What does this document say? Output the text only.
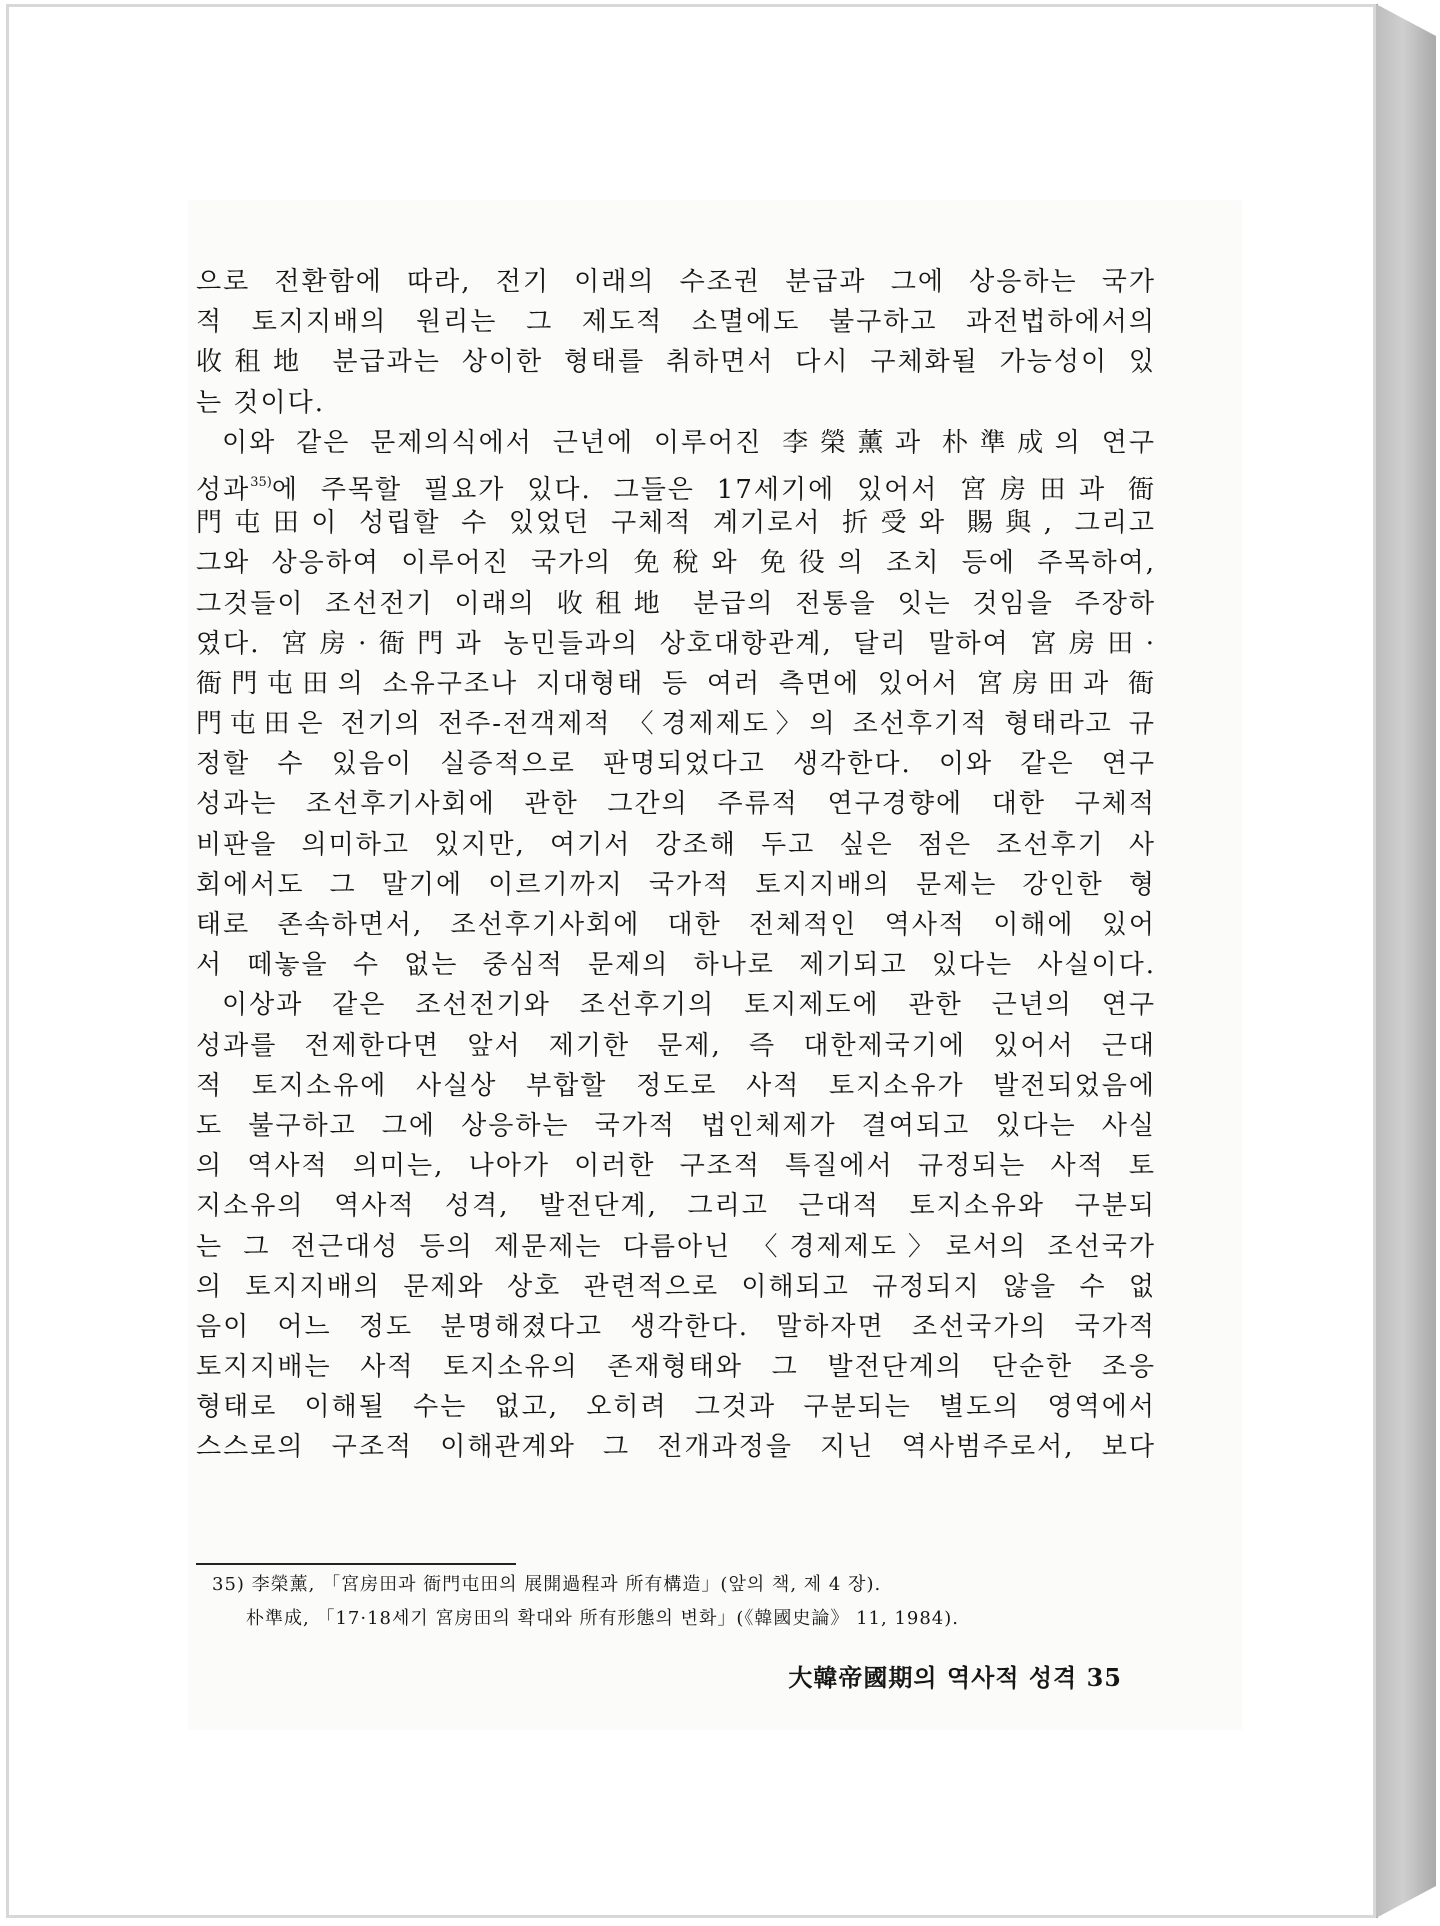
으로 전환함에 따라, 전기 이래의 수조권 분급과 그에 상응하는 국가
적 토지지배의 원리는 그 제도적 소멸에도 불구하고 과전법하에서의
收租地 분급과는 상이한 형태를 취하면서 다시 구체화될 가능성이 있
는 것이다.
이와 같은 문제의식에서 근년에 이루어진 李榮薰과 朴準成의 연구
성과$^{35)}$에 주목할 필요가 있다. 그들은 17세기에 있어서 宮房田과 衙
門屯田이 성립할 수 있었던 구체적 계기로서 折受와 賜與, 그리고
그와 상응하여 이루어진 국가의 免稅와 免役의 조치 등에 주목하여,
그것들이 조선전기 이래의 收租地 분급의 전통을 잇는 것임을 주장하
였다. 宮房·衙門과 농민들과의 상호대항관계, 달리 말하여 宮房田·
衙門屯田의 소유구조나 지대형태 등 여러 측면에 있어서 宮房田과 衙
門屯田은 전기의 전주-전객제적 〈경제제도〉의 조선후기적 형태라고 규
정할 수 있음이 실증적으로 판명되었다고 생각한다. 이와 같은 연구
성과는 조선후기사회에 관한 그간의 주류적 연구경향에 대한 구체적
비판을 의미하고 있지만, 여기서 강조해 두고 싶은 점은 조선후기 사
회에서도 그 말기에 이르기까지 국가적 토지지배의 문제는 강인한 형
태로 존속하면서, 조선후기사회에 대한 전체적인 역사적 이해에 있어
서 떼놓을 수 없는 중심적 문제의 하나로 제기되고 있다는 사실이다.
이상과 같은 조선전기와 조선후기의 토지제도에 관한 근년의 연구
성과를 전제한다면 앞서 제기한 문제, 즉 대한제국기에 있어서 근대
적 토지소유에 사실상 부합할 정도로 사적 토지소유가 발전되었음에
도 불구하고 그에 상응하는 국가적 법인체제가 결여되고 있다는 사실
의 역사적 의미는, 나아가 이러한 구조적 특질에서 규정되는 사적 토
지소유의 역사적 성격, 발전단계, 그리고 근대적 토지소유와 구분되
는 그 전근대성 등의 제문제는 다름아닌 〈경제제도〉로서의 조선국가
의 토지지배의 문제와 상호 관련적으로 이해되고 규정되지 않을 수 없
음이 어느 정도 분명해졌다고 생각한다. 말하자면 조선국가의 국가적
토지지배는 사적 토지소유의 존재형태와 그 발전단계의 단순한 조응
형태로 이해될 수는 없고, 오히려 그것과 구분되는 별도의 영역에서
스스로의 구조적 이해관계와 그 전개과정을 지닌 역사범주로서, 보다
35) 李榮薰, 「宮房田과 衙門屯田의 展開過程과 所有構造」(앞의 책, 제 4 장).
朴準成, 「17·18세기 宮房田의 확대와 所有形態의 변화」(《韓國史論》 11, 1984).
大韓帝國期의 역사적 성격 35
